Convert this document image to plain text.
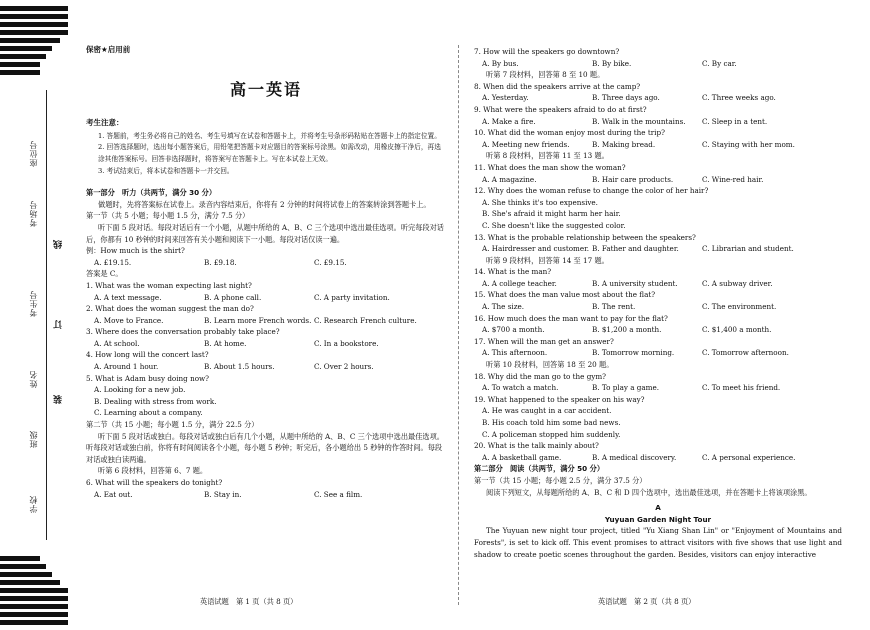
座位号
考场号
考生号
姓名
班级
学校
线
订
装
保密★启用前
高一英语
考生注意：
1. 答题前，考生务必将自己的姓名、考生号填写在试卷和答题卡上，并将考生号条形码粘贴在答题卡上的指定位置。
2. 回答选择题时，选出每小题答案后，用铅笔把答题卡对应题目的答案标号涂黑。如需改动，用橡皮擦干净后，再选涂其他答案标号。回答非选择题时，将答案写在答题卡上。写在本试卷上无效。
3. 考试结束后，将本试卷和答题卡一并交回。
第一部分　听力（共两节，满分 30 分）
做题时，先将答案标在试卷上。录音内容结束后，你将有 2 分钟的时间将试卷上的答案转涂到答题卡上。
第一节（共 5 小题；每小题 1.5 分，满分 7.5 分）
听下面 5 段对话。每段对话后有一个小题，从题中所给的 A、B、C 三个选项中选出最佳选项。听完每段对话后，你都有 10 秒钟的时间来回答有关小题和阅读下一小题。每段对话仅读一遍。
例：How much is the shirt?
A. £19.15.	B. £9.18.	C. £9.15.
答案是 C。
1. What was the woman expecting last night?
A. A text message.	B. A phone call.	C. A party invitation.
2. What does the woman suggest the man do?
A. Move to France.	B. Learn more French words. C. Research French culture.
3. Where does the conversation probably take place?
A. At school.	B. At home.	C. In a bookstore.
4. How long will the concert last?
A. Around 1 hour.	B. About 1.5 hours.	C. Over 2 hours.
5. What is Adam busy doing now?
A. Looking for a new job.
B. Dealing with stress from work.
C. Learning about a company.
第二节（共 15 小题；每小题 1.5 分，满分 22.5 分）
听下面 5 段对话或独白。每段对话或独白后有几个小题，从题中所给的 A、B、C 三个选项中选出最佳选项。听每段对话或独白前，你将有时间阅读各个小题，每小题 5 秒钟；听完后，各小题给出 5 秒钟的作答时间。每段对话或独白读两遍。
听第 6 段材料，回答第 6、7 题。
6. What will the speakers do tonight?
A. Eat out.	B. Stay in.	C. See a film.
7. How will the speakers go downtown?
A. By bus.	B. By bike.	C. By car.
听第 7 段材料，回答第 8 至 10 题。
8. When did the speakers arrive at the camp?
A. Yesterday.	B. Three days ago.	C. Three weeks ago.
9. What were the speakers afraid to do at first?
A. Make a fire.	B. Walk in the mountains.	C. Sleep in a tent.
10. What did the woman enjoy most during the trip?
A. Meeting new friends.	B. Making bread.	C. Staying with her mom.
听第 8 段材料，回答第 11 至 13 题。
11. What does the man show the woman?
A. A magazine.	B. Hair care products.	C. Wine-red hair.
12. Why does the woman refuse to change the color of her hair?
A. She thinks it's too expensive.
B. She's afraid it might harm her hair.
C. She doesn't like the suggested color.
13. What is the probable relationship between the speakers?
A. Hairdresser and customer. B. Father and daughter.	C. Librarian and student.
听第 9 段材料，回答第 14 至 17 题。
14. What is the man?
A. A college teacher.	B. A university student.	C. A subway driver.
15. What does the man value most about the flat?
A. The size.	B. The rent.	C. The environment.
16. How much does the man want to pay for the flat?
A. $700 a month.	B. $1,200 a month.	C. $1,400 a month.
17. When will the man get an answer?
A. This afternoon.	B. Tomorrow morning.	C. Tomorrow afternoon.
听第 10 段材料，回答第 18 至 20 题。
18. Why did the man go to the gym?
A. To watch a match.	B. To play a game.	C. To meet his friend.
19. What happened to the speaker on his way?
A. He was caught in a car accident.
B. His coach told him some bad news.
C. A policeman stopped him suddenly.
20. What is the talk mainly about?
A. A basketball game.	B. A medical discovery.	C. A personal experience.
第二部分　阅读（共两节，满分 50 分）
第一节（共 15 小题；每小题 2.5 分，满分 37.5 分）
阅读下列短文，从每题所给的 A、B、C 和 D 四个选项中，选出最佳选项，并在答题卡上将该项涂黑。
A
Yuyuan Garden Night Tour
The Yuyuan new night tour project, titled "Yu Xiang Shan Lin" or "Enjoyment of Mountains and Forests", is set to kick off. This event promises to attract visitors with five shows that use light and shadow to create poetic scenes throughout the garden. Besides, visitors can enjoy interactive
英语试题　第 1 页（共 8 页）	英语试题　第 2 页（共 8 页）
